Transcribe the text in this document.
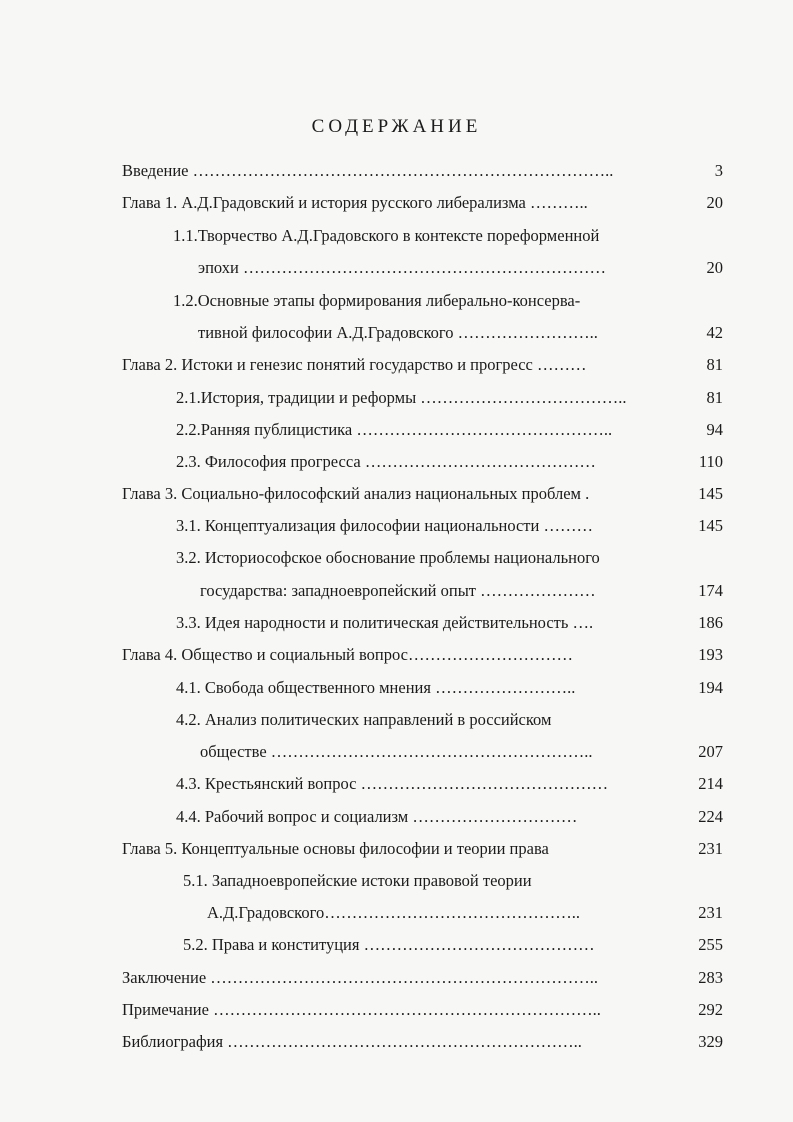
СОДЕРЖАНИЕ
Введение …………………………………………………………………..	3
Глава 1. А.Д.Градовский и история русского либерализма ………..	20
1.1.Творчество А.Д.Градовского в контексте пореформенной
эпохи …………………………………………………………	20
1.2.Основные этапы формирования либерально-консерва-
тивной философии А.Д.Градовского ……………………..	42
Глава 2. Истоки и генезис понятий государство и прогресс ………	81
2.1.История, традиции и реформы ………………………………..	81
2.2.Ранняя публицистика ………………………………………..	94
2.3. Философия прогресса ……………………………………	110
Глава 3. Социально-философский анализ национальных проблем .	145
3.1. Концептуализация философии национальности ………	145
3.2. Историософское обоснование проблемы национального
государства: западноевропейский опыт …………………	174
3.3. Идея народности и политическая действительность ….	186
Глава 4. Общество и социальный вопрос…………………………	193
4.1. Свобода общественного мнения ……………………..	194
4.2. Анализ политических направлений в российском
обществе …………………………………………………..	207
4.3. Крестьянский вопрос ………………………………………	214
4.4. Рабочий вопрос и социализм …………………………	224
Глава 5. Концептуальные основы философии и теории права	231
5.1. Западноевропейские истоки правовой теории
А.Д.Градовского………………………………………..	231
5.2. Права и конституция ……………………………………	255
Заключение ……………………………………………………………..	283
Примечание ……………………………………………………………..	292
Библиография ………………………………………………………..	329
